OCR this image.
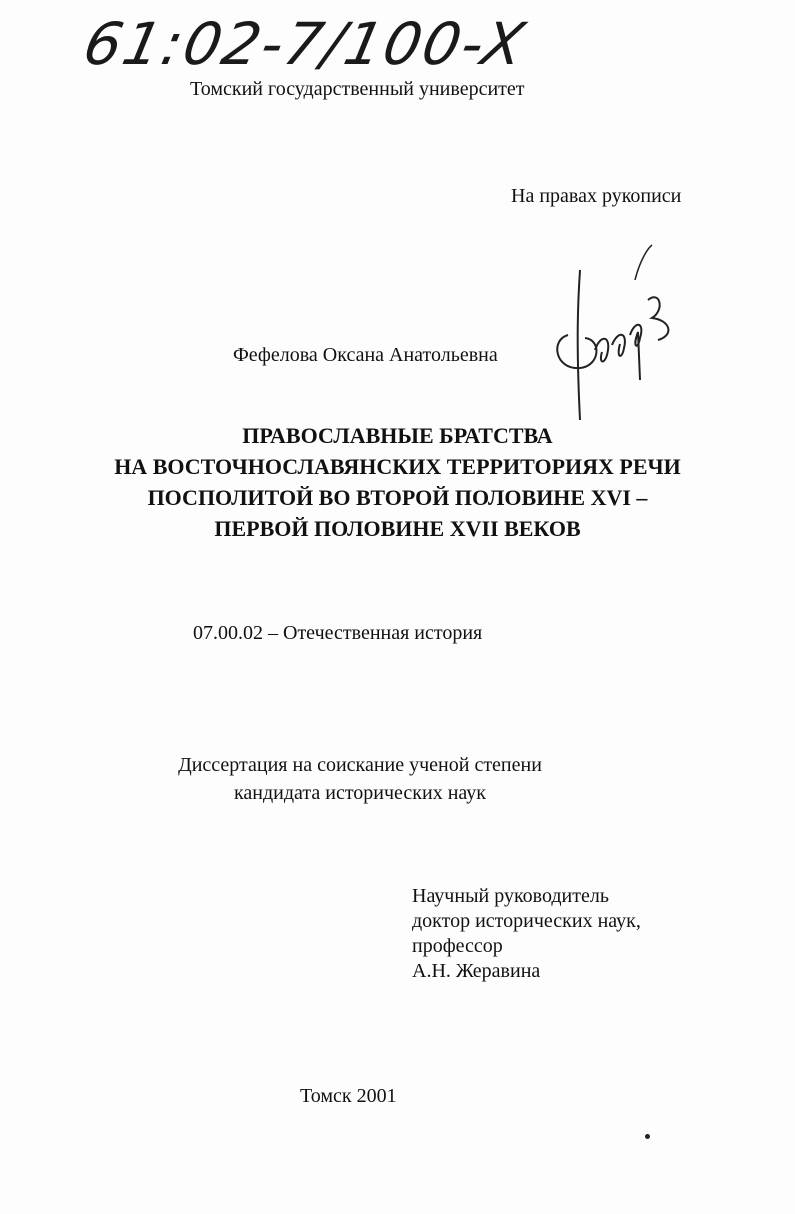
61:02-7/100-X
Томский государственный университет
На правах рукописи
Фефелова Оксана Анатольевна
ПРАВОСЛАВНЫЕ БРАТСТВА
НА ВОСТОЧНОСЛАВЯНСКИХ ТЕРРИТОРИЯХ РЕЧИ
ПОСПОЛИТОЙ ВО ВТОРОЙ ПОЛОВИНЕ XVI –
ПЕРВОЙ ПОЛОВИНЕ XVII ВЕКОВ
07.00.02 – Отечественная история
Диссертация на соискание ученой степени
кандидата исторических наук
Научный руководитель
доктор исторических наук,
профессор
А.Н. Жеравина
Томск 2001
